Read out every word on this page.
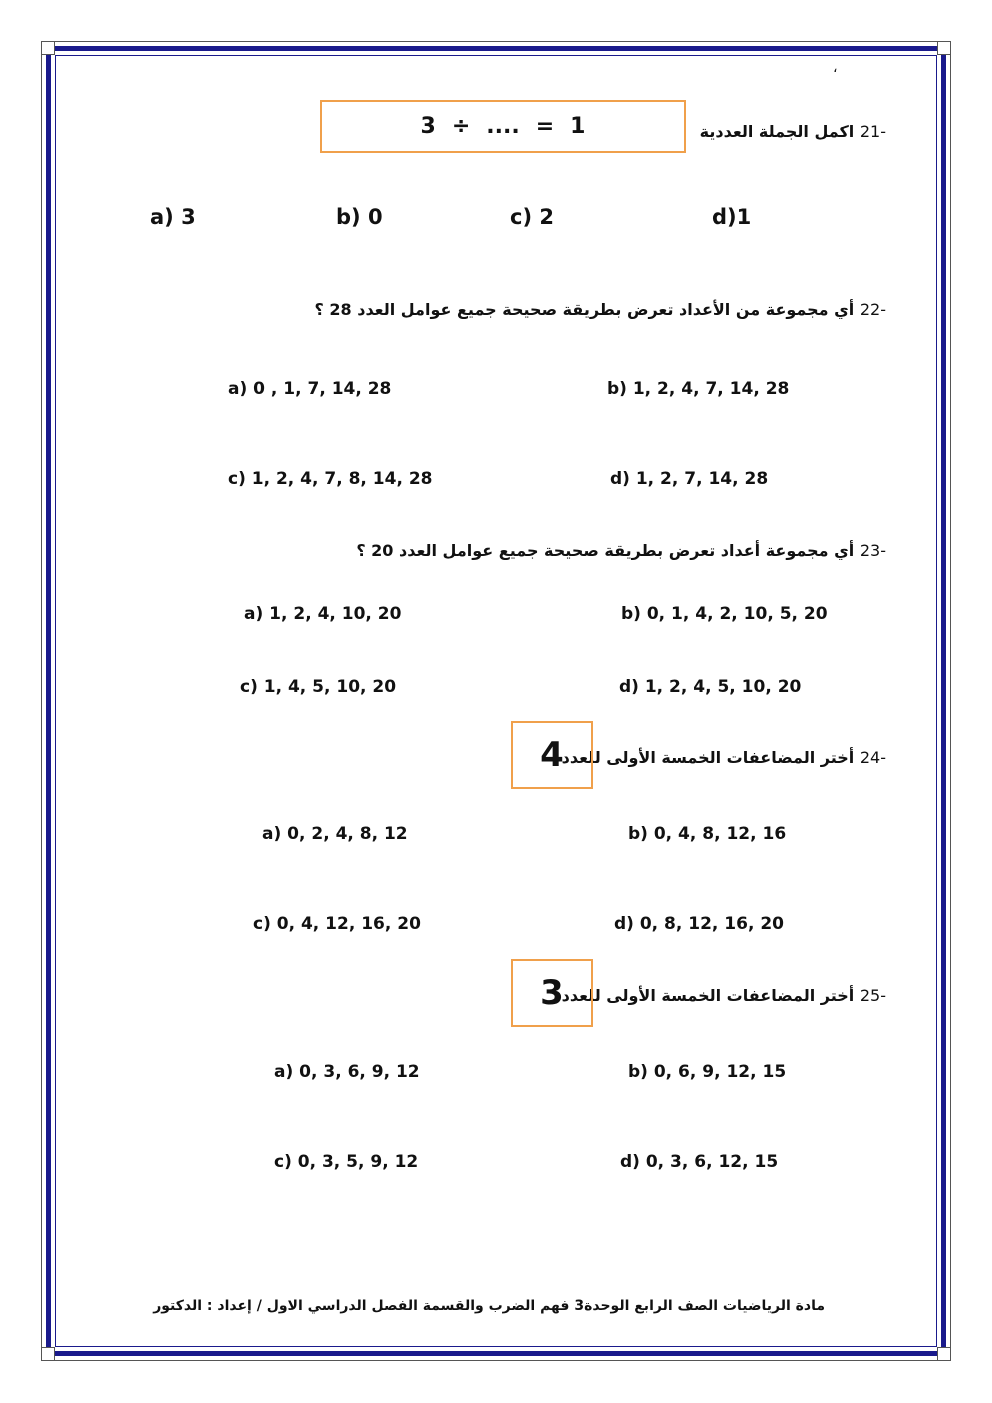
،
-21 اكمل الجملة العددية
3 ÷ .... = 1
a) 3	b) 0	c) 2	d)1
-22 أي مجموعة من الأعداد تعرض بطريقة صحيحة جميع عوامل العدد 28 ؟
a) 0 , 1, 7, 14, 28	b) 1, 2, 4, 7, 14, 28
c) 1, 2, 4, 7, 8, 14, 28	d) 1, 2, 7, 14, 28
-23 أي مجموعة أعداد تعرض بطريقة صحيحة جميع عوامل العدد 20 ؟
a) 1, 2, 4, 10, 20	b) 0, 1, 4, 2, 10, 5, 20
c) 1, 4, 5, 10, 20	d) 1, 2, 4, 5, 10, 20
-24 أختر المضاعفات الخمسة الأولى للعدد
4
a) 0, 2, 4, 8, 12	b) 0, 4, 8, 12, 16
c) 0, 4, 12, 16, 20	d) 0, 8, 12, 16, 20
-25 أختر المضاعفات الخمسة الأولى للعدد
3
a) 0, 3, 6, 9, 12	b) 0, 6, 9, 12, 15
c) 0, 3, 5, 9, 12	d) 0, 3, 6, 12, 15
مادة الرياضيات الصف الرابع الوحدة3 فهم الضرب والقسمة الفصل الدراسي الاول / إعداد : الدكتور
